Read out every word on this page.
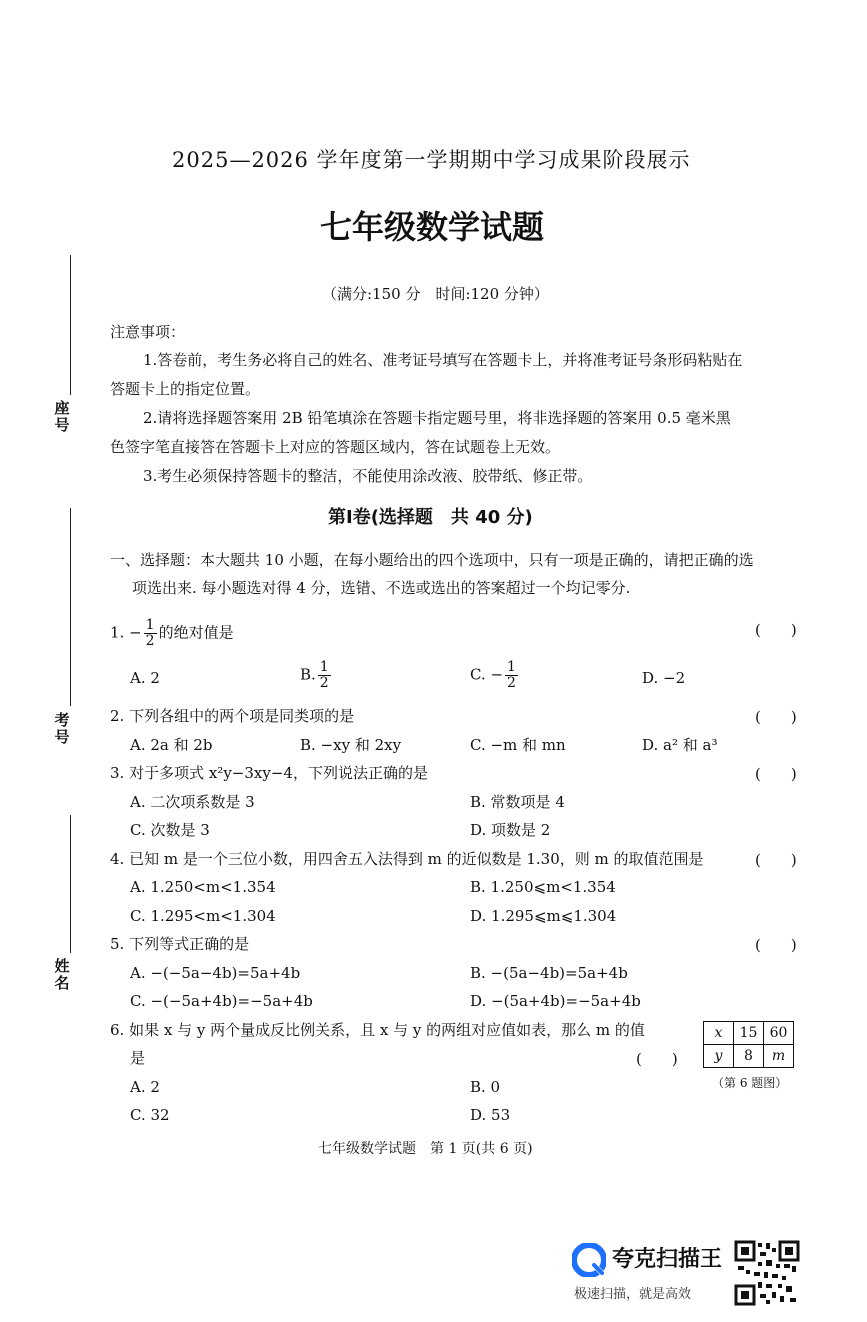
2025—2026 学年度第一学期期中学习成果阶段展示
七年级数学试题
（满分:150 分　时间:120 分钟）
座号
考号
姓名
注意事项：
1.答卷前，考生务必将自己的姓名、准考证号填写在答题卡上，并将准考证号条形码粘贴在
答题卡上的指定位置。
2.请将选择题答案用 2B 铅笔填涂在答题卡指定题号里，将非选择题的答案用 0.5 毫米黑
色签字笔直接答在答题卡上对应的答题区域内，答在试题卷上无效。
3.考生必须保持答题卡的整洁，不能使用涂改液、胶带纸、修正带。
第Ⅰ卷(选择题　共 40 分)
一、选择题：本大题共 10 小题，在每小题给出的四个选项中，只有一项是正确的，请把正确的选
项选出来. 每小题选对得 4 分，选错、不选或选出的答案超过一个均记零分.
1. − $\frac{1}{2}$ 的绝对值是	(　　)
A. 2	B. $\frac{1}{2}$	C. − $\frac{1}{2}$	D. −2
2. 下列各组中的两个项是同类项的是	(　　)
A. 2a 和 2b	B. −xy 和 2xy	C. −m 和 mn	D. a² 和 a³
3. 对于多项式 x²y−3xy−4，下列说法正确的是	(　　)
A. 二次项系数是 3	B. 常数项是 4
C. 次数是 3	D. 项数是 2
4. 已知 m 是一个三位小数，用四舍五入法得到 m 的近似数是 1.30，则 m 的取值范围是	(　　)
A. 1.250<m<1.354	B. 1.250⩽m<1.354
C. 1.295<m<1.304	D. 1.295⩽m⩽1.304
5. 下列等式正确的是	(　　)
A. −(−5a−4b)=5a+4b	B. −(5a−4b)=5a+4b
C. −(−5a+4b)=−5a+4b	D. −(5a+4b)=−5a+4b
6. 如果 x 与 y 两个量成反比例关系，且 x 与 y 的两组对应值如表，那么 m 的值
是	(　　)
A. 2	B. 0
C. 32	D. 53
x	15	60
y	8	m
（第 6 题图）
七年级数学试题　第 1 页(共 6 页)
夸克扫描王
极速扫描，就是高效
